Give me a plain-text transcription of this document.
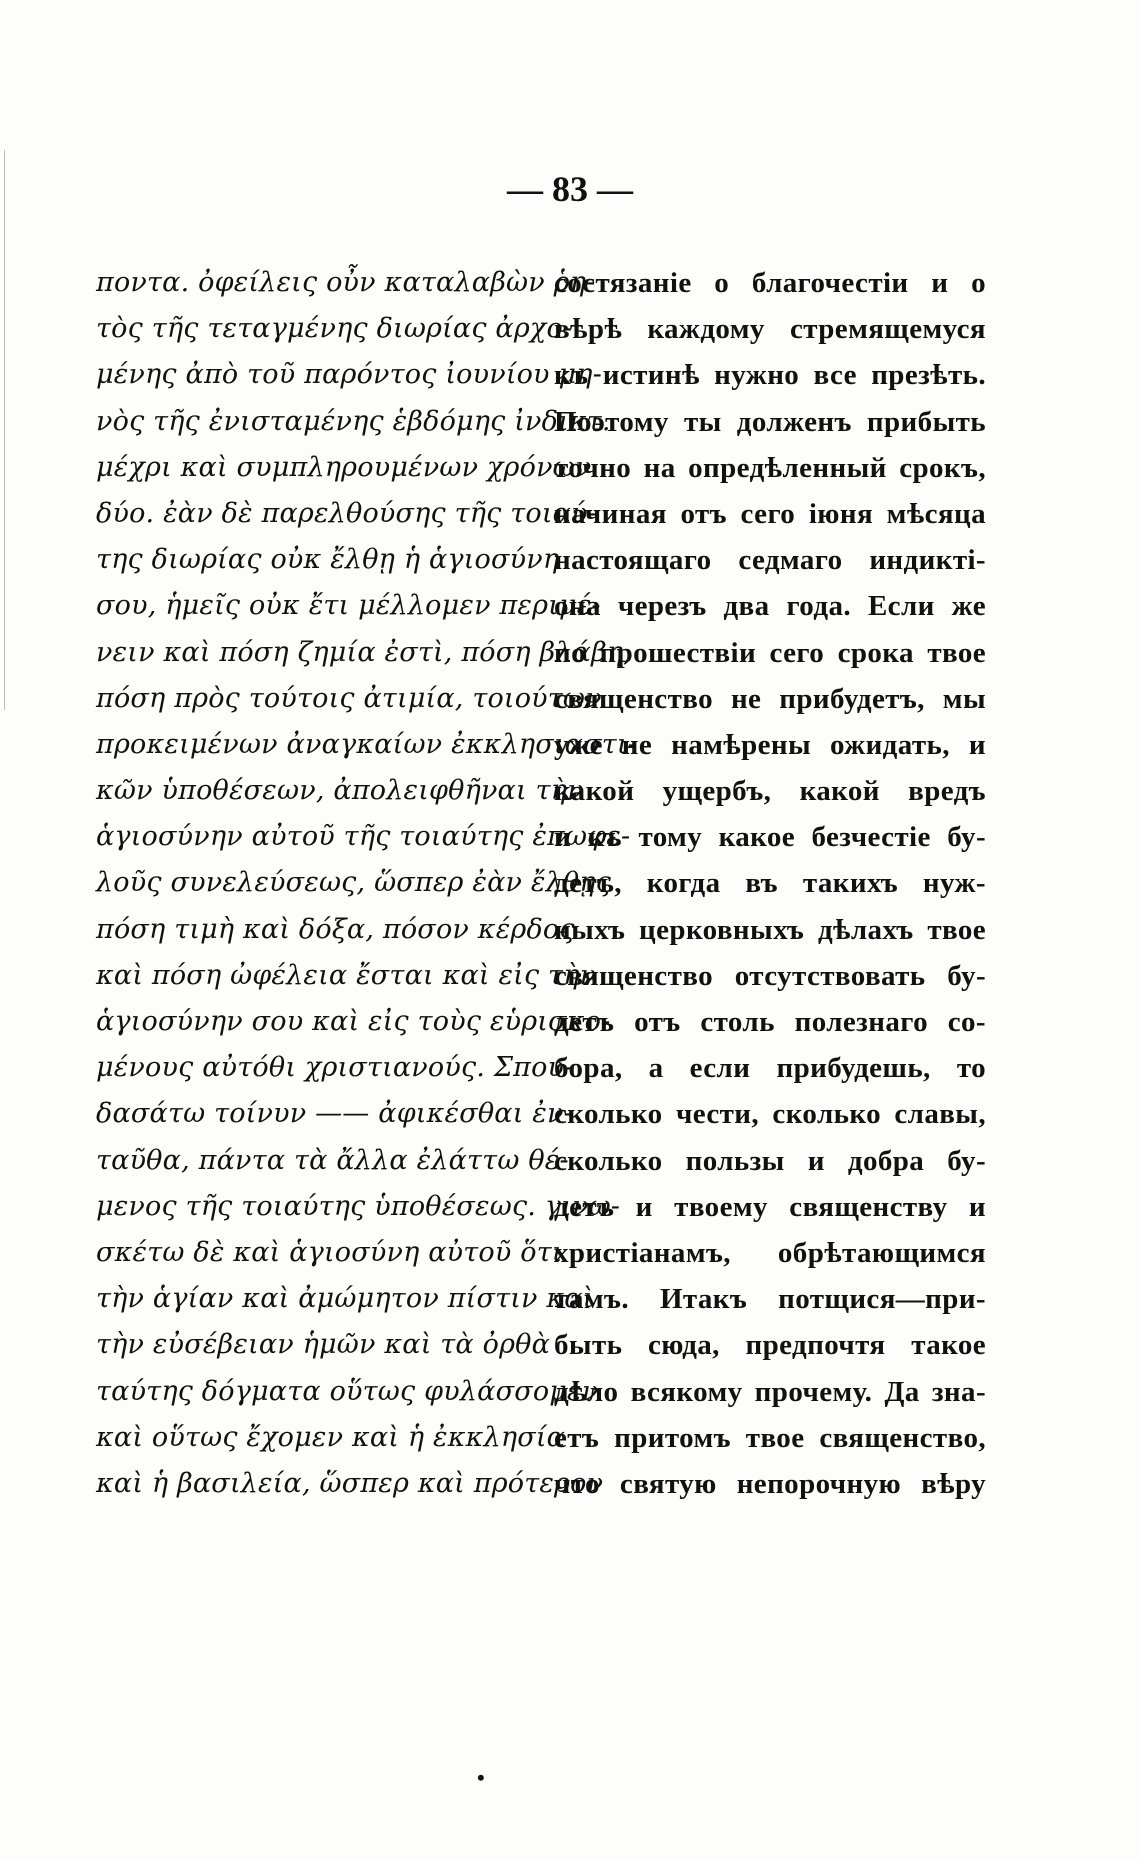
— 83 —
ποντα. ὀφείλεις οὖν καταλαβὼν ῥη-
τὸς τῆς τεταγμένης διωρίας ἀρχο-
μένης ἀπὸ τοῦ παρόντος ἰουνίου μη-
νὸς τῆς ἐνισταμένης ἑβδόμης ἰνδικτ.
μέχρι καὶ συμπληρουμένων χρόνων
δύο. ἐὰν δὲ παρελθούσης τῆς τοιαύ-
της διωρίας οὐκ ἔλθῃ ἡ ἁγιοσύνη
σου, ἡμεῖς οὐκ ἔτι μέλλομεν περιμέ-
νειν καὶ πόση ζημία ἐστὶ, πόση βλάβη,
πόση πρὸς τούτοις ἀτιμία, τοιούτων
προκειμένων ἀναγκαίων ἐκκλησιαστι-
κῶν ὑποθέσεων, ἀπολειφθῆναι τὴν
ἁγιοσύνην αὐτοῦ τῆς τοιαύτης ἐπωφε-
λοῦς συνελεύσεως, ὥσπερ ἐὰν ἔλθῃς
πόση τιμὴ καὶ δόξα, πόσον κέρδος
καὶ πόση ὠφέλεια ἔσται καὶ εἰς τὴν
ἁγιοσύνην σου καὶ εἰς τοὺς εὑρισκο-
μένους αὐτόθι χριστιανούς. Σπου-
δασάτω τοίνυν —— ἀφικέσθαι ἐν-
ταῦθα, πάντα τὰ ἄλλα ἐλάττω θέ-
μενος τῆς τοιαύτης ὑποθέσεως. γινω-
σκέτω δὲ καὶ ἁγιοσύνη αὐτοῦ ὅτι
τὴν ἁγίαν καὶ ἀμώμητον πίστιν καὶ
τὴν εὐσέβειαν ἡμῶν καὶ τὰ ὀρθὰ
ταύτης δόγματα οὕτως φυλάσσομεν
καὶ οὕτως ἔχομεν καὶ ἡ ἐκκλησία
καὶ ἡ βασιλεία, ὥσπερ καὶ πρότερον
состязаніе о благочестіи и о
вѣрѣ каждому стремящемуся
къ истинѣ нужно все презѣть.
Поэтому ты долженъ прибыть
точно на опредѣленный срокъ,
начиная отъ сего іюня мѣсяца
настоящаго седмаго индикті-
она черезъ два года. Если же
по прошествіи сего срока твое
священство не прибудетъ, мы
уже не намѣрены ожидать, и
какой ущербъ, какой вредъ
и къ тому какое безчестіе бу-
детъ, когда въ такихъ нуж-
ныхъ церковныхъ дѣлахъ твое
священство отсутствовать бу-
детъ отъ столь полезнаго со-
бора, а если прибудешь, то
сколько чести, сколько славы,
сколько пользы и добра бу-
детъ и твоему священству и
христіанамъ, обрѣтающимся
тамъ. Итакъ потщися—при-
быть сюда, предпочтя такое
дѣло всякому прочему. Да зна-
етъ притомъ твое священство,
что святую непорочную вѣру
•
